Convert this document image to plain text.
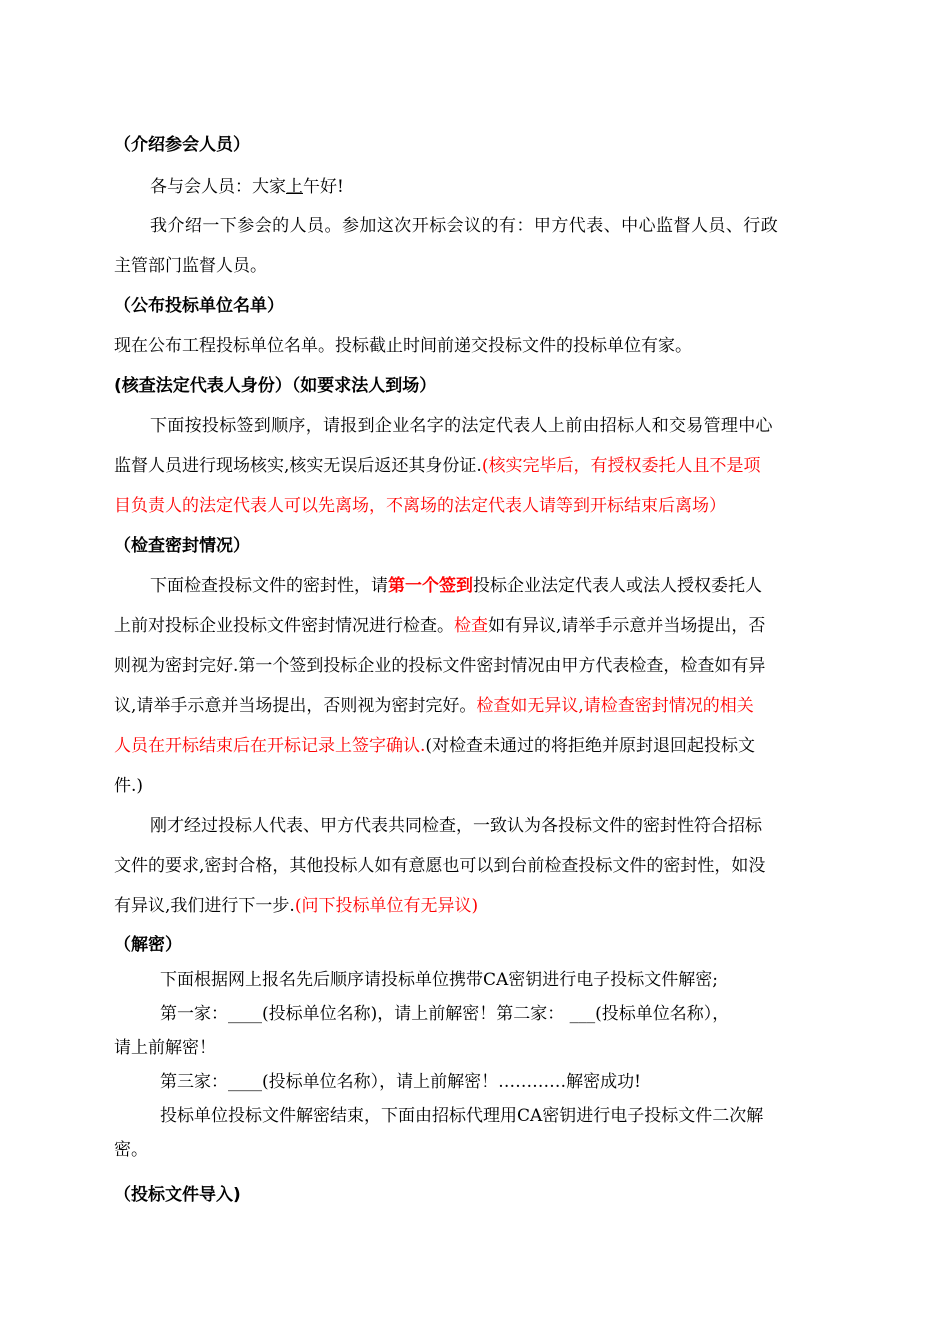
（介绍参会人员）
各与会人员：大家上午好!
我介绍一下参会的人员。参加这次开标会议的有：甲方代表、中心监督人员、行政
主管部门监督人员。
（公布投标单位名单）
现在公布工程投标单位名单。投标截止时间前递交投标文件的投标单位有家。
(核查法定代表人身份）（如要求法人到场）
下面按投标签到顺序，请报到企业名字的法定代表人上前由招标人和交易管理中心
监督人员进行现场核实,核实无误后返还其身份证.(核实完毕后，有授权委托人且不是项
目负责人的法定代表人可以先离场，不离场的法定代表人请等到开标结束后离场）
（检查密封情况）
下面检查投标文件的密封性，请第一个签到投标企业法定代表人或法人授权委托人
上前对投标企业投标文件密封情况进行检查。检查如有异议,请举手示意并当场提出，否
则视为密封完好.第一个签到投标企业的投标文件密封情况由甲方代表检查，检查如有异
议,请举手示意并当场提出，否则视为密封完好。检查如无异议,请检查密封情况的相关
人员在开标结束后在开标记录上签字确认.(对检查未通过的将拒绝并原封退回起投标文
件.)
刚才经过投标人代表、甲方代表共同检查，一致认为各投标文件的密封性符合招标
文件的要求,密封合格，其他投标人如有意愿也可以到台前检查投标文件的密封性，如没
有异议,我们进行下一步.(问下投标单位有无异议)
（解密）
下面根据网上报名先后顺序请投标单位携带CA密钥进行电子投标文件解密;
第一家：____(投标单位名称)，请上前解密！第二家： ___(投标单位名称），
请上前解密！
第三家：____(投标单位名称），请上前解密！…………解密成功!
投标单位投标文件解密结束，下面由招标代理用CA密钥进行电子投标文件二次解
密。
（投标文件导入)
